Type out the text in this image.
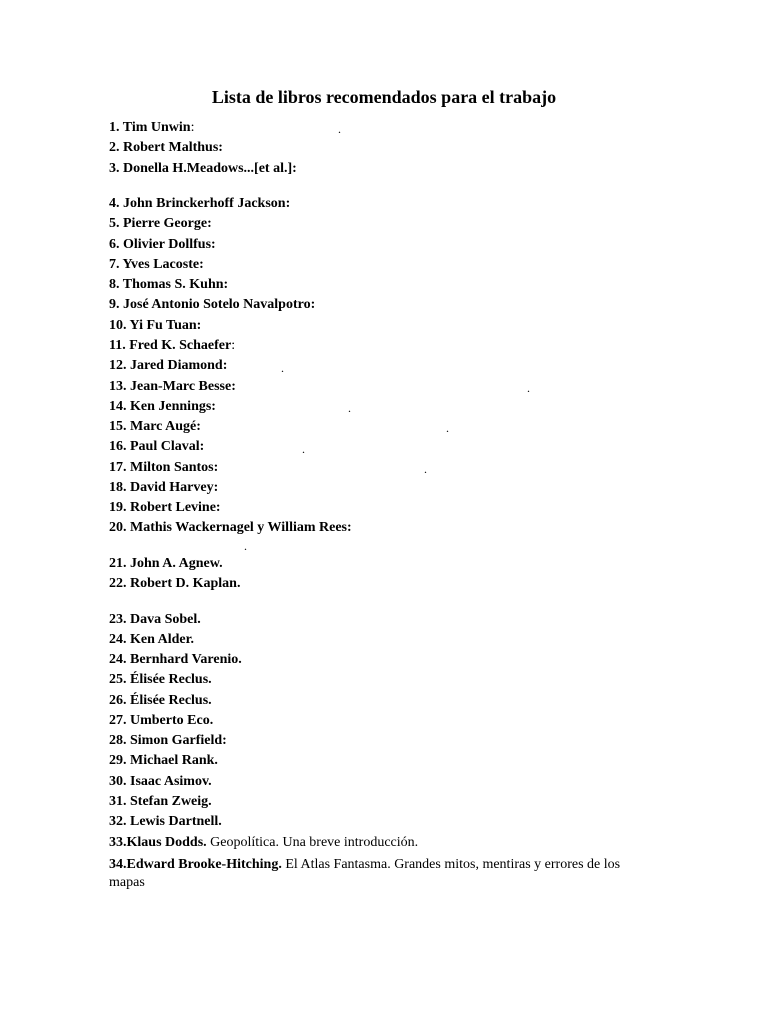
Lista de libros recomendados para el trabajo
1. Tim Unwin:
2. Robert Malthus:
3. Donella H.Meadows...[et al.]:
4. John Brinckerhoff Jackson:
5. Pierre George:
6. Olivier Dollfus:
7. Yves Lacoste:
8. Thomas S. Kuhn:
9. José Antonio Sotelo Navalpotro:
10. Yi Fu Tuan:
11. Fred K. Schaefer:
12. Jared Diamond:
13. Jean-Marc Besse:
14. Ken Jennings:
15. Marc Augé:
16. Paul Claval:
17. Milton Santos:
18. David Harvey:
19. Robert Levine:
20. Mathis Wackernagel y William Rees:
21. John A. Agnew.
22. Robert D. Kaplan.
23. Dava Sobel.
24. Ken Alder.
24. Bernhard Varenio.
25. Élisée Reclus.
26. Élisée Reclus.
27. Umberto Eco.
28. Simon Garfield:
29. Michael Rank.
30. Isaac Asimov.
31. Stefan Zweig.
32. Lewis Dartnell.
33.Klaus Dodds. Geopolítica. Una breve introducción.
34.Edward Brooke-Hitching. El Atlas Fantasma. Grandes mitos, mentiras y errores de los mapas
.
.
.
.
.
.
.
.
